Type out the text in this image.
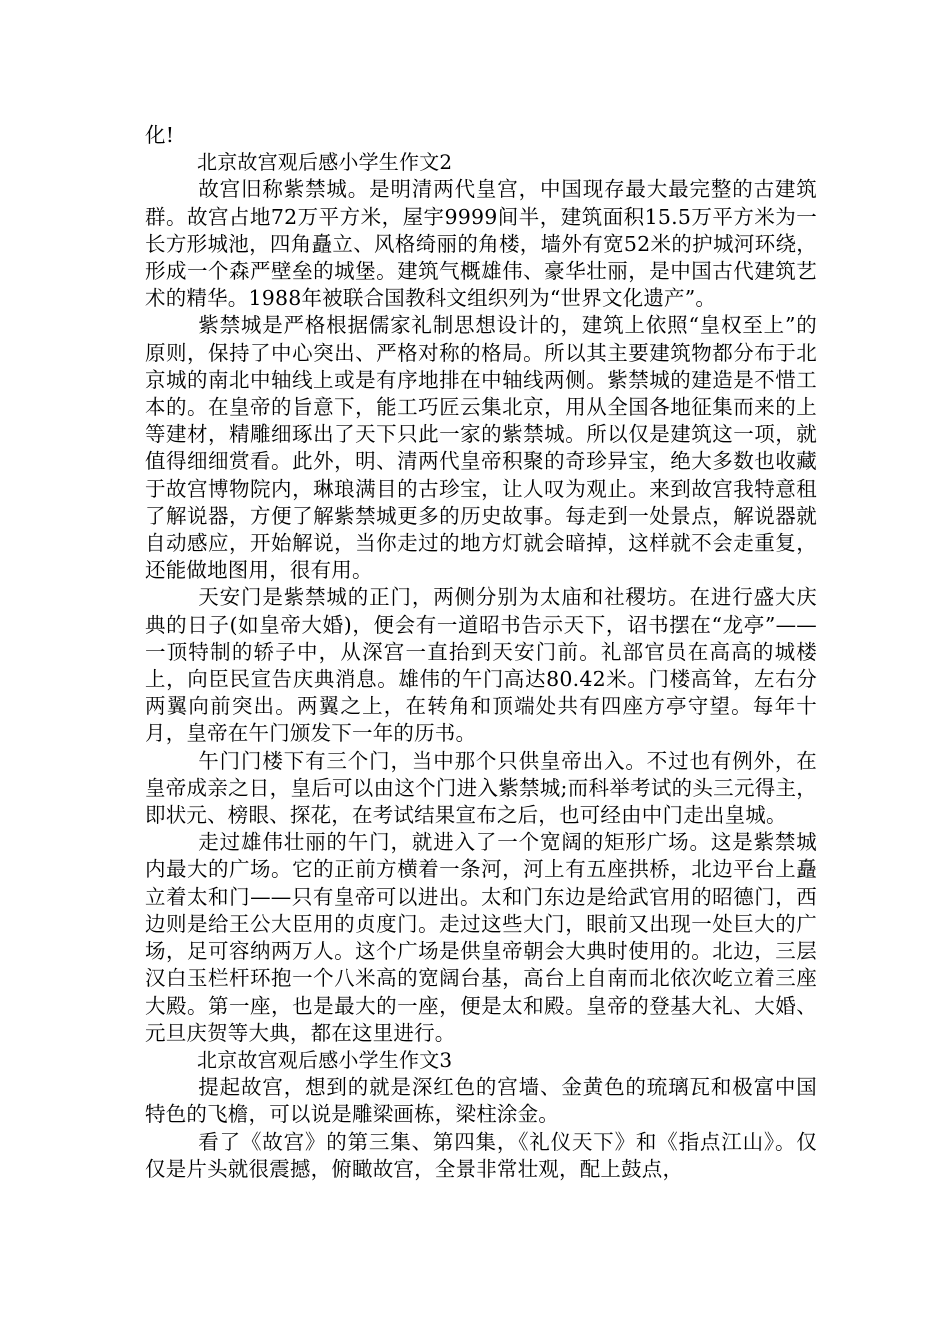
化!

北京故宫观后感小学生作文2

故宫旧称紫禁城。是明清两代皇宫，中国现存最大最完整的古建筑群。故宫占地72万平方米，屋宇9999间半，建筑面积15.5万平方米为一长方形城池，四角矗立、风格绮丽的角楼，墙外有宽52米的护城河环绕，形成一个森严壁垒的城堡。建筑气概雄伟、豪华壮丽，是中国古代建筑艺术的精华。1988年被联合国教科文组织列为“世界文化遗产”。

紫禁城是严格根据儒家礼制思想设计的，建筑上依照“皇权至上”的原则，保持了中心突出、严格对称的格局。所以其主要建筑物都分布于北京城的南北中轴线上或是有序地排在中轴线两侧。紫禁城的建造是不惜工本的。在皇帝的旨意下，能工巧匠云集北京，用从全国各地征集而来的上等建材，精雕细琢出了天下只此一家的紫禁城。所以仅是建筑这一项，就值得细细赏看。此外，明、清两代皇帝积聚的奇珍异宝，绝大多数也收藏于故宫博物院内，琳琅满目的古珍宝，让人叹为观止。来到故宫我特意租了解说器，方便了解紫禁城更多的历史故事。每走到一处景点，解说器就自动感应，开始解说，当你走过的地方灯就会暗掉，这样就不会走重复，还能做地图用，很有用。

天安门是紫禁城的正门，两侧分别为太庙和社稷坊。在进行盛大庆典的日子(如皇帝大婚)，便会有一道昭书告示天下，诏书摆在“龙亭”——一顶特制的轿子中，从深宫一直抬到天安门前。礼部官员在高高的城楼上，向臣民宣告庆典消息。雄伟的午门高达80.42米。门楼高耸，左右分两翼向前突出。两翼之上，在转角和顶端处共有四座方亭守望。每年十月，皇帝在午门颁发下一年的历书。

午门门楼下有三个门，当中那个只供皇帝出入。不过也有例外，在皇帝成亲之日，皇后可以由这个门进入紫禁城;而科举考试的头三元得主，即状元、榜眼、探花，在考试结果宣布之后，也可经由中门走出皇城。

走过雄伟壮丽的午门，就进入了一个宽阔的矩形广场。这是紫禁城内最大的广场。它的正前方横着一条河，河上有五座拱桥，北边平台上矗立着太和门——只有皇帝可以进出。太和门东边是给武官用的昭德门，西边则是给王公大臣用的贞度门。走过这些大门，眼前又出现一处巨大的广场，足可容纳两万人。这个广场是供皇帝朝会大典时使用的。北边，三层汉白玉栏杆环抱一个八米高的宽阔台基，高台上自南而北依次屹立着三座大殿。第一座，也是最大的一座，便是太和殿。皇帝的登基大礼、大婚、元旦庆贺等大典，都在这里进行。

北京故宫观后感小学生作文3

提起故宫，想到的就是深红色的宫墙、金黄色的琉璃瓦和极富中国特色的飞檐，可以说是雕梁画栋，梁柱涂金。

看了《故宫》的第三集、第四集，《礼仪天下》和《指点江山》。仅仅是片头就很震撼，俯瞰故宫，全景非常壮观，配上鼓点，
